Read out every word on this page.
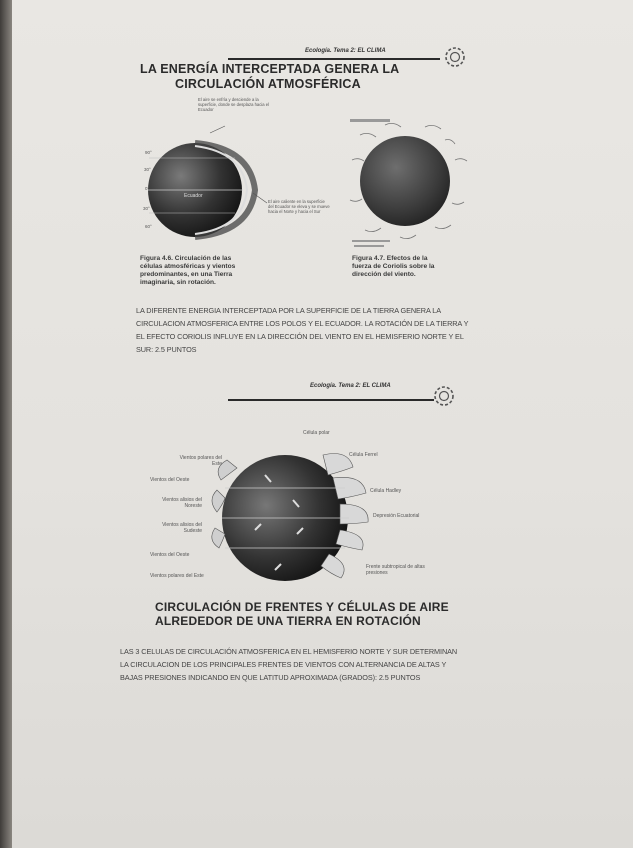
Ecología. Tema 2: EL CLIMA
LA ENERGÍA INTERCEPTADA GENERA LA
CIRCULACIÓN ATMOSFÉRICA
El aire se enfría y desciende a la superficie, donde se desplaza hacia el Ecuador
90°
30°
0°
30°
60°
Ecuador
El aire caliente en la superficie del Ecuador se eleva y se mueve hacia el Norte y hacia el Sur
Figura 4.6. Circulación de las
células atmosféricas y vientos
predominantes, en una Tierra
imaginaria, sin rotación.
Figura 4.7. Efectos de la
fuerza de Coriolis sobre la
dirección del viento.
LA DIFERENTE ENERGIA INTERCEPTADA POR LA SUPERFICIE DE LA TIERRA GENERA LA
CIRCULACION ATMOSFERICA ENTRE LOS POLOS Y EL ECUADOR. LA ROTACIÓN DE LA TIERRA Y
EL EFECTO CORIOLIS INFLUYE EN LA DIRECCIÓN DEL VIENTO EN EL HEMISFERIO NORTE Y EL
SUR: 2.5 PUNTOS
Ecología. Tema 2: EL CLIMA
Célula polar
Célula Ferrel
Célula Hadley
Depresión Ecuatorial
Frente subtropical de altas presiones
Vientos polares del Este
Vientos del Oeste
Vientos alisios del Noreste
Vientos alisios del Sudeste
Vientos del Oeste
Vientos polares del Este
CIRCULACIÓN DE FRENTES Y CÉLULAS DE AIRE
ALREDEDOR DE UNA TIERRA EN ROTACIÓN
LAS 3 CELULAS DE CIRCULACIÓN ATMOSFERICA EN EL HEMISFERIO NORTE Y SUR DETERMINAN
LA CIRCULACION DE LOS PRINCIPALES FRENTES DE VIENTOS CON ALTERNANCIA DE ALTAS Y
BAJAS PRESIONES INDICANDO EN QUE LATITUD APROXIMADA (GRADOS): 2.5 PUNTOS
